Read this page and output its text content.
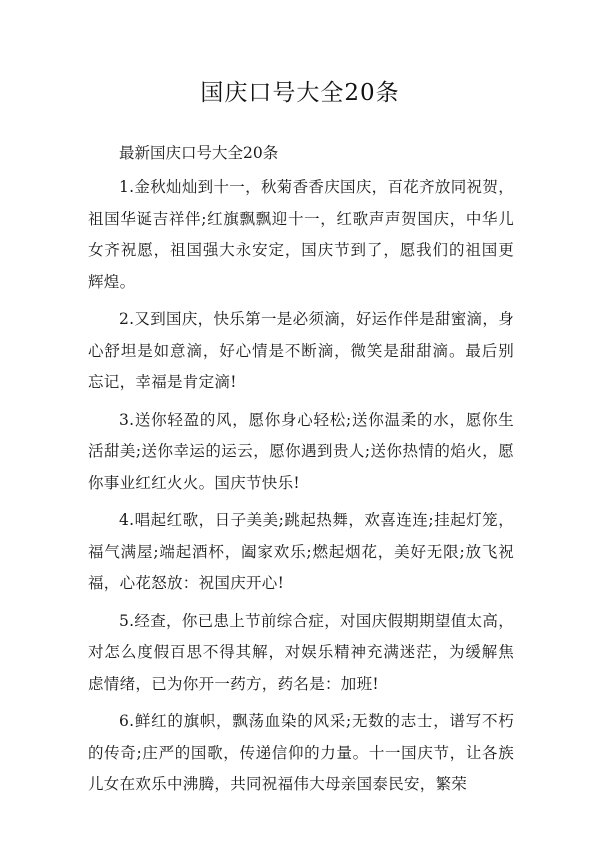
国庆口号大全20条

最新国庆口号大全20条

1.金秋灿灿到十一，秋菊香香庆国庆，百花齐放同祝贺，祖国华诞吉祥伴;红旗飘飘迎十一，红歌声声贺国庆，中华儿女齐祝愿，祖国强大永安定，国庆节到了，愿我们的祖国更辉煌。

2.又到国庆，快乐第一是必须滴，好运作伴是甜蜜滴，身心舒坦是如意滴，好心情是不断滴，微笑是甜甜滴。最后别忘记，幸福是肯定滴!

3.送你轻盈的风，愿你身心轻松;送你温柔的水，愿你生活甜美;送你幸运的运云，愿你遇到贵人;送你热情的焰火，愿你事业红红火火。国庆节快乐!

4.唱起红歌，日子美美;跳起热舞，欢喜连连;挂起灯笼，福气满屋;端起酒杯，阖家欢乐;燃起烟花，美好无限;放飞祝福，心花怒放：祝国庆开心!

5.经查，你已患上节前综合症，对国庆假期期望值太高，对怎么度假百思不得其解，对娱乐精神充满迷茫，为缓解焦虑情绪，已为你开一药方，药名是：加班!

6.鲜红的旗帜，飘荡血染的风采;无数的志士，谱写不朽的传奇;庄严的国歌，传递信仰的力量。十一国庆节，让各族儿女在欢乐中沸腾，共同祝福伟大母亲国泰民安，繁荣
